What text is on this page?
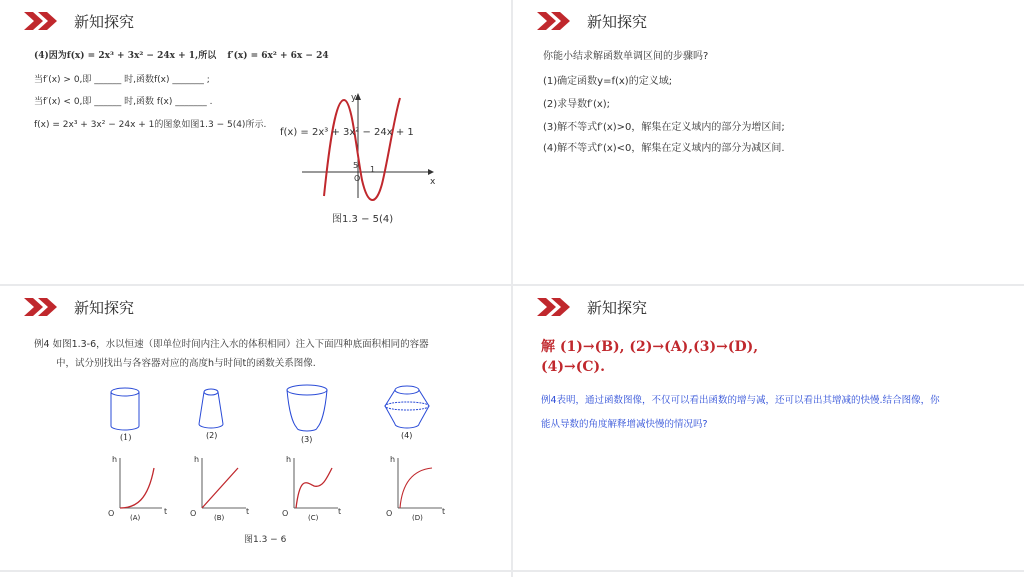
新知探究
(4)因为f(x) = 2x³ + 3x² − 24x + 1,所以 f′(x) = 6x² + 6x − 24
当f′(x) > 0,即 ______ 时,函数f(x) _______ ;
当f′(x) < 0,即 ______ 时,函数 f(x) _______ .
f(x) = 2x³ + 3x² − 24x + 1的图象如图1.3 − 5(4)所示.
f(x) = 2x³ + 3x² − 24x + 1
x
y
O
5 1
图1.3 − 5(4)
新知探究
你能小结求解函数单调区间的步骤吗?
(1)确定函数y=f(x)的定义域;
(2)求导数f′(x);
(3)解不等式f′(x)>0，解集在定义域内的部分为增区间;
(4)解不等式f′(x)<0，解集在定义域内的部分为减区间.
新知探究
例4 如图1.3-6，水以恒速（即单位时间内注入水的体积相同）注入下面四种底面积相同的容器
中，试分别找出与各容器对应的高度h与时间t的函数关系图像.
(1)	(2)	(3)	(4)
O
h
t
(A)	O
h
t
(B)	O
h
t
(C)	O
h
t
(D)
图1.3 − 6
新知探究
解 (1)→(B), (2)→(A),(3)→(D),
(4)→(C).
例4表明，通过函数图像，不仅可以看出函数的增与减，还可以看出其增减的快慢.结合图像，你
能从导数的角度解释增减快慢的情况吗?
